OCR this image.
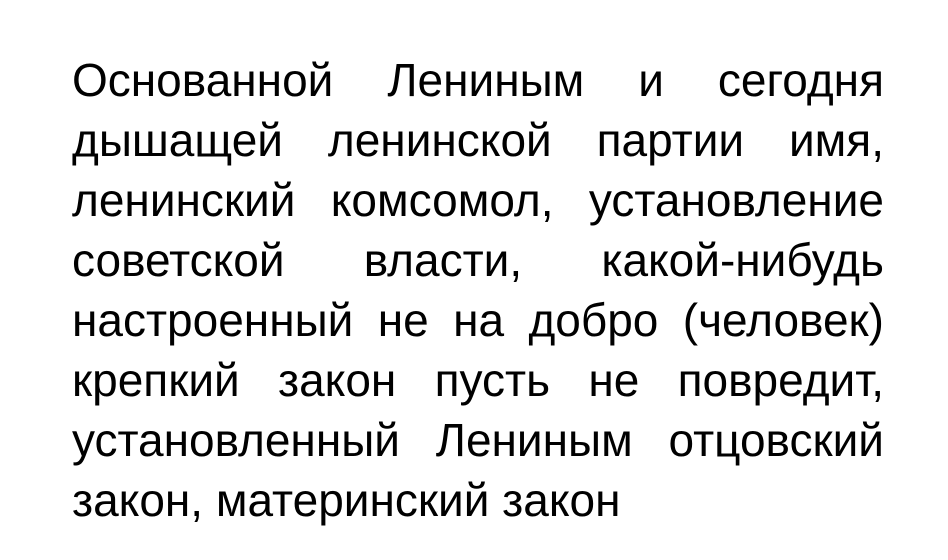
Основанной Лениным и сегодня
дышащей ленинской партии имя,
ленинский комсомол, установление
советской власти, какой-нибудь
настроенный не на добро (человек)
крепкий закон пусть не повредит,
установленный Лениным отцовский
закон, материнский закон
